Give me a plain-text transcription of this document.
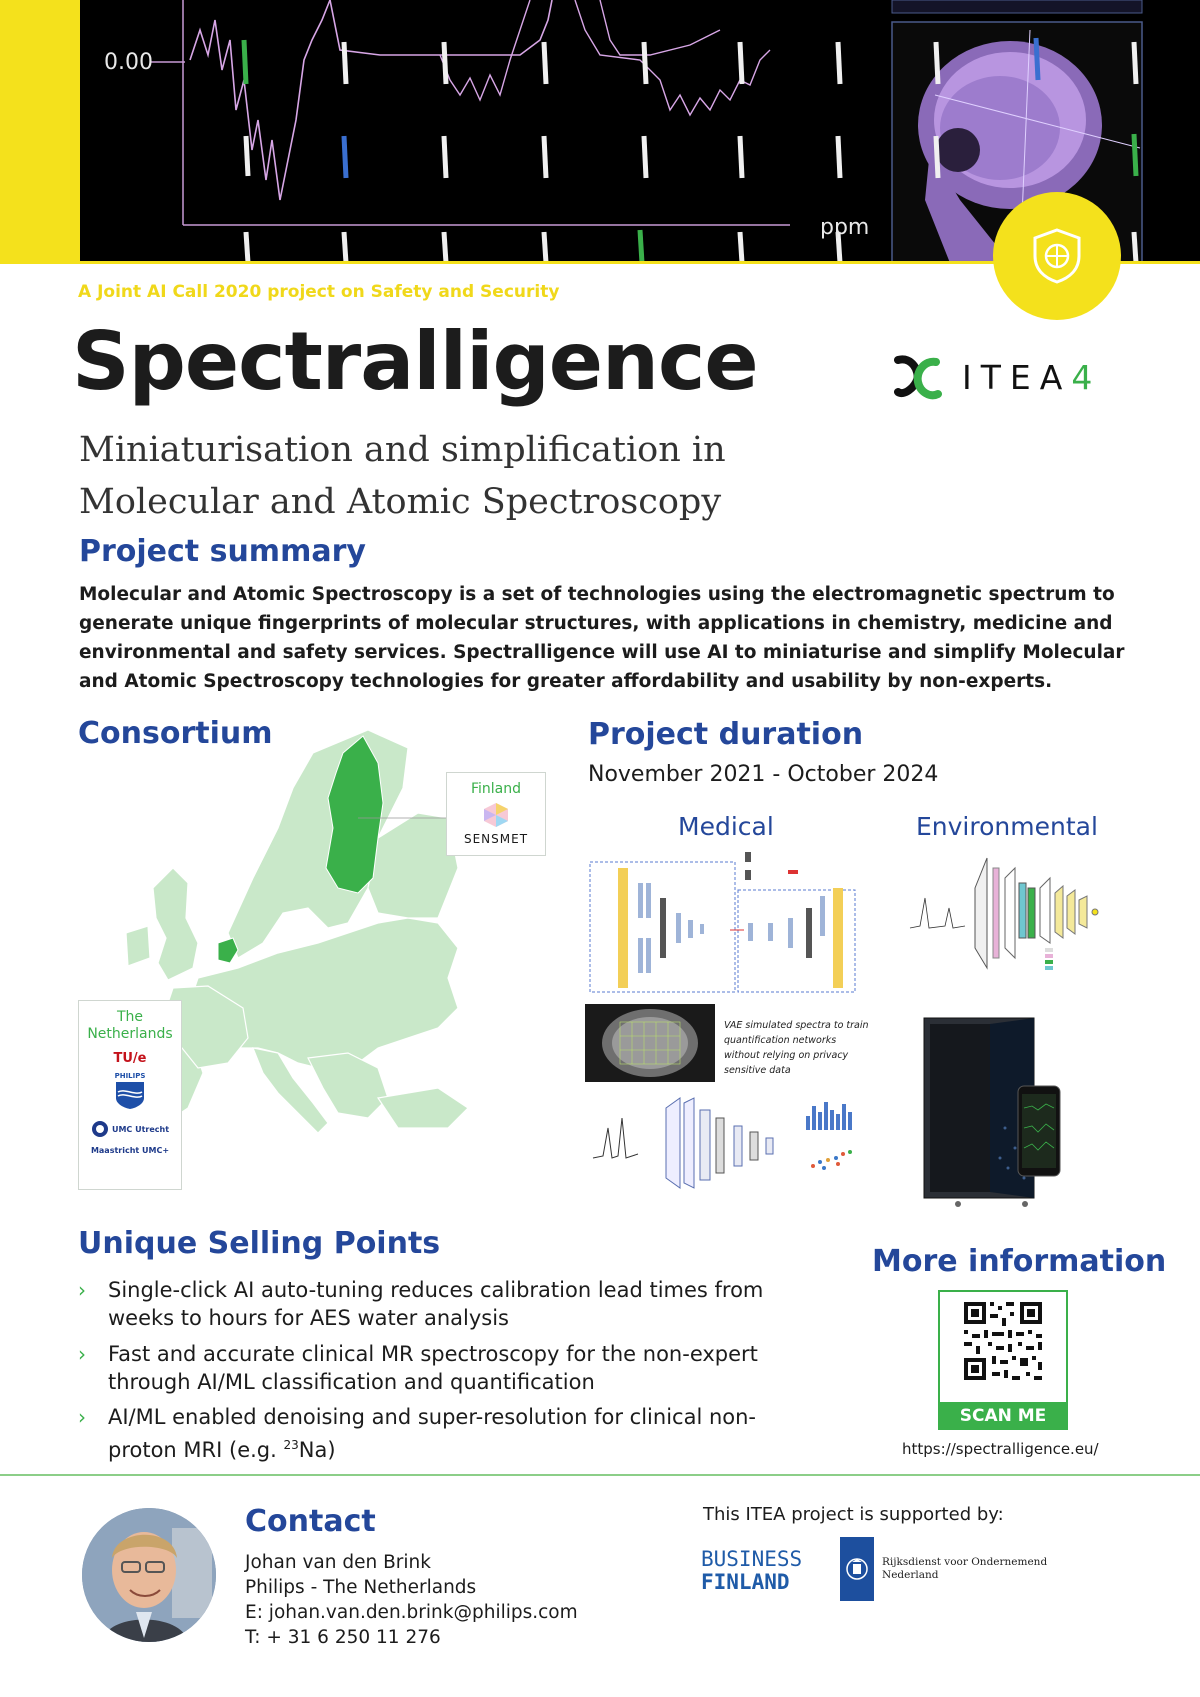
0.00
ppm
A Joint AI Call 2020 project on Safety and Security
Spectralligence
Miniaturisation and simplification in Molecular and Atomic Spectroscopy
ITEA4
Project summary
Molecular and Atomic Spectroscopy is a set of technologies using the electromagnetic spectrum to generate unique fingerprints of molecular structures, with applications in chemistry, medicine and environmental and safety services. Spectralligence will use AI to miniaturise and simplify Molecular and Atomic Spectroscopy technologies for greater affordability and usability by non-experts.
Consortium
Finland
SENSMET
The Netherlands
TU/e
PHILIPS
UMC Utrecht
Maastricht UMC+
Project duration
November 2021 - October 2024
Medical	Environmental
VAE simulated spectra to train quantification networks without relying on privacy sensitive data
Unique Selling Points
› Single-click AI auto-tuning reduces calibration lead times from weeks to hours for AES water analysis
› Fast and accurate clinical MR spectroscopy for the non-expert through AI/ML classification and quantification
› AI/ML enabled denoising and super-resolution for clinical non-proton MRI (e.g. $^{23}$Na)
More information
SCAN ME
https://spectralligence.eu/
Contact
Johan van den Brink
Philips - The Netherlands
E: johan.van.den.brink@philips.com
T: + 31 6 250 11 276
This ITEA project is supported by:
BUSINESS
FINLAND
Rijksdienst voor Ondernemend
Nederland
